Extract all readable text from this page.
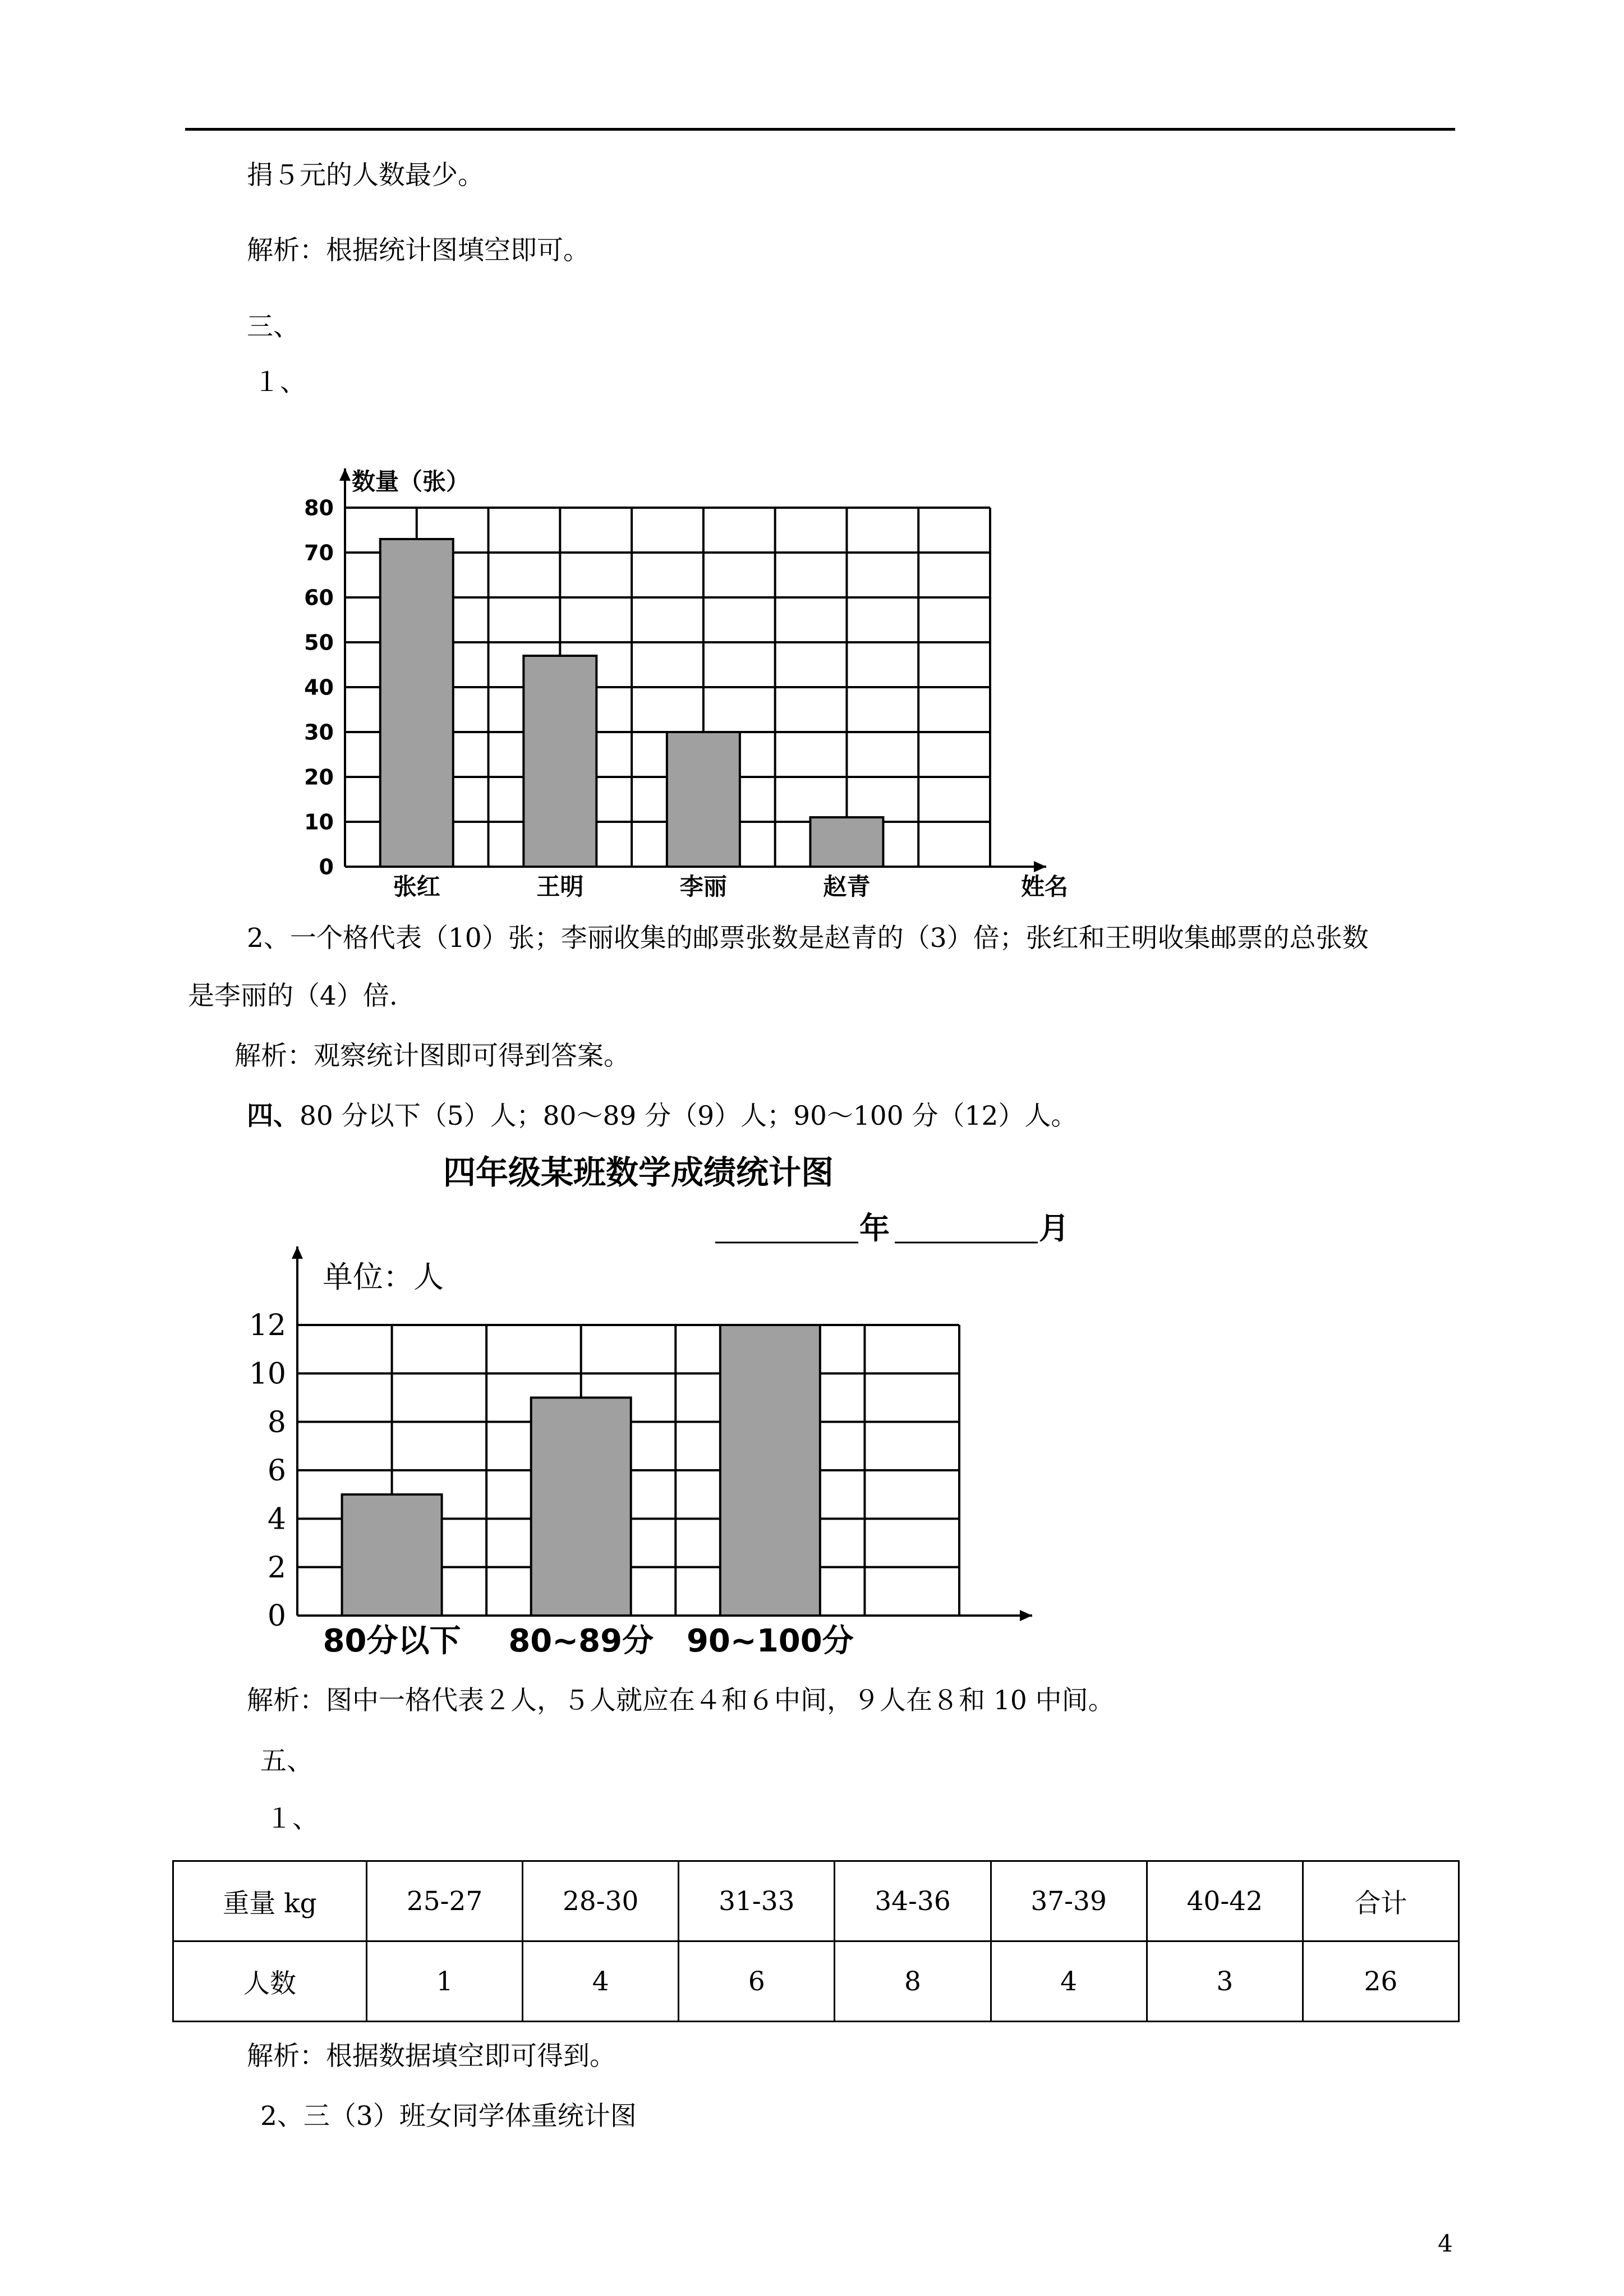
捐５元的人数最少。
解析：根据统计图填空即可。
三、
１、
0
10
20
30
40
50
60
70
80
张红	王明	李丽	赵青
数量（张）
姓名
2、一个格代表（10）张；李丽收集的邮票张数是赵青的（3）倍；张红和王明收集邮票的总张数
是李丽的（4）倍.
解析：观察统计图即可得到答案。
四、80 分以下（5）人；80～89 分（9）人；90～100 分（12）人。
0
2
4
6
8
10
12
80分以下 80~89分 90~100分
四年级某班数学成绩统计图
年	月
单位：人
解析：图中一格代表２人，５人就应在４和６中间，９人在８和 10 中间。
五、
１、
重量 kg	25-27	28-30	31-33	34-36	37-39	40-42	合计
人数	1	4	6	8	4	3	26
解析：根据数据填空即可得到。
2、三（3）班女同学体重统计图
4
